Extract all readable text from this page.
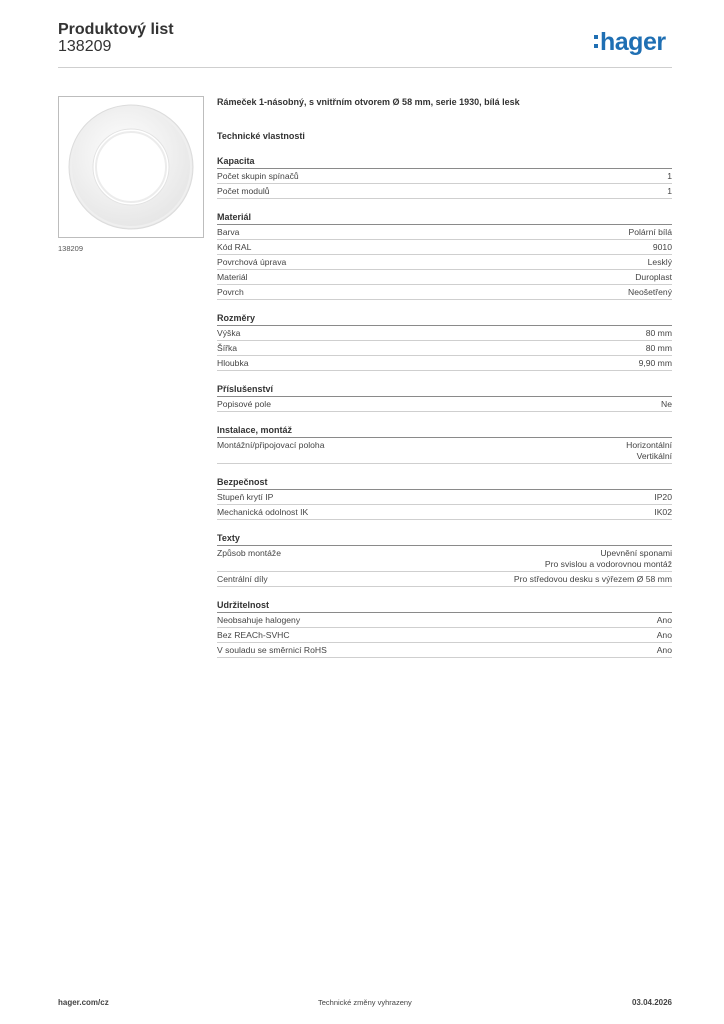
Produktový list
138209	hager
138209
Rámeček 1-násobný, s vnitřním otvorem Ø 58 mm, serie 1930, bílá lesk
Technické vlastnosti
Kapacita
Počet skupin spínačů	1
Počet modulů	1
Materiál
Barva	Polární bílá
Kód RAL	9010
Povrchová úprava	Lesklý
Materiál	Duroplast
Povrch	Neošetřený
Rozměry
Výška	80 mm
Šířka	80 mm
Hloubka	9,90 mm
Příslušenství
Popisové pole	Ne
Instalace, montáž
Montážní/připojovací poloha	Horizontální
Vertikální
Bezpečnost
Stupeň krytí IP	IP20
Mechanická odolnost IK	IK02
Texty
Způsob montáže	Upevnění sponami
Pro svislou a vodorovnou montáž
Centrální díly	Pro středovou desku s výřezem Ø 58 mm
Udržitelnost
Neobsahuje halogeny	Ano
Bez REACh-SVHC	Ano
V souladu se směrnicí RoHS	Ano
hager.com/cz	Technické změny vyhrazeny	03.04.2026
